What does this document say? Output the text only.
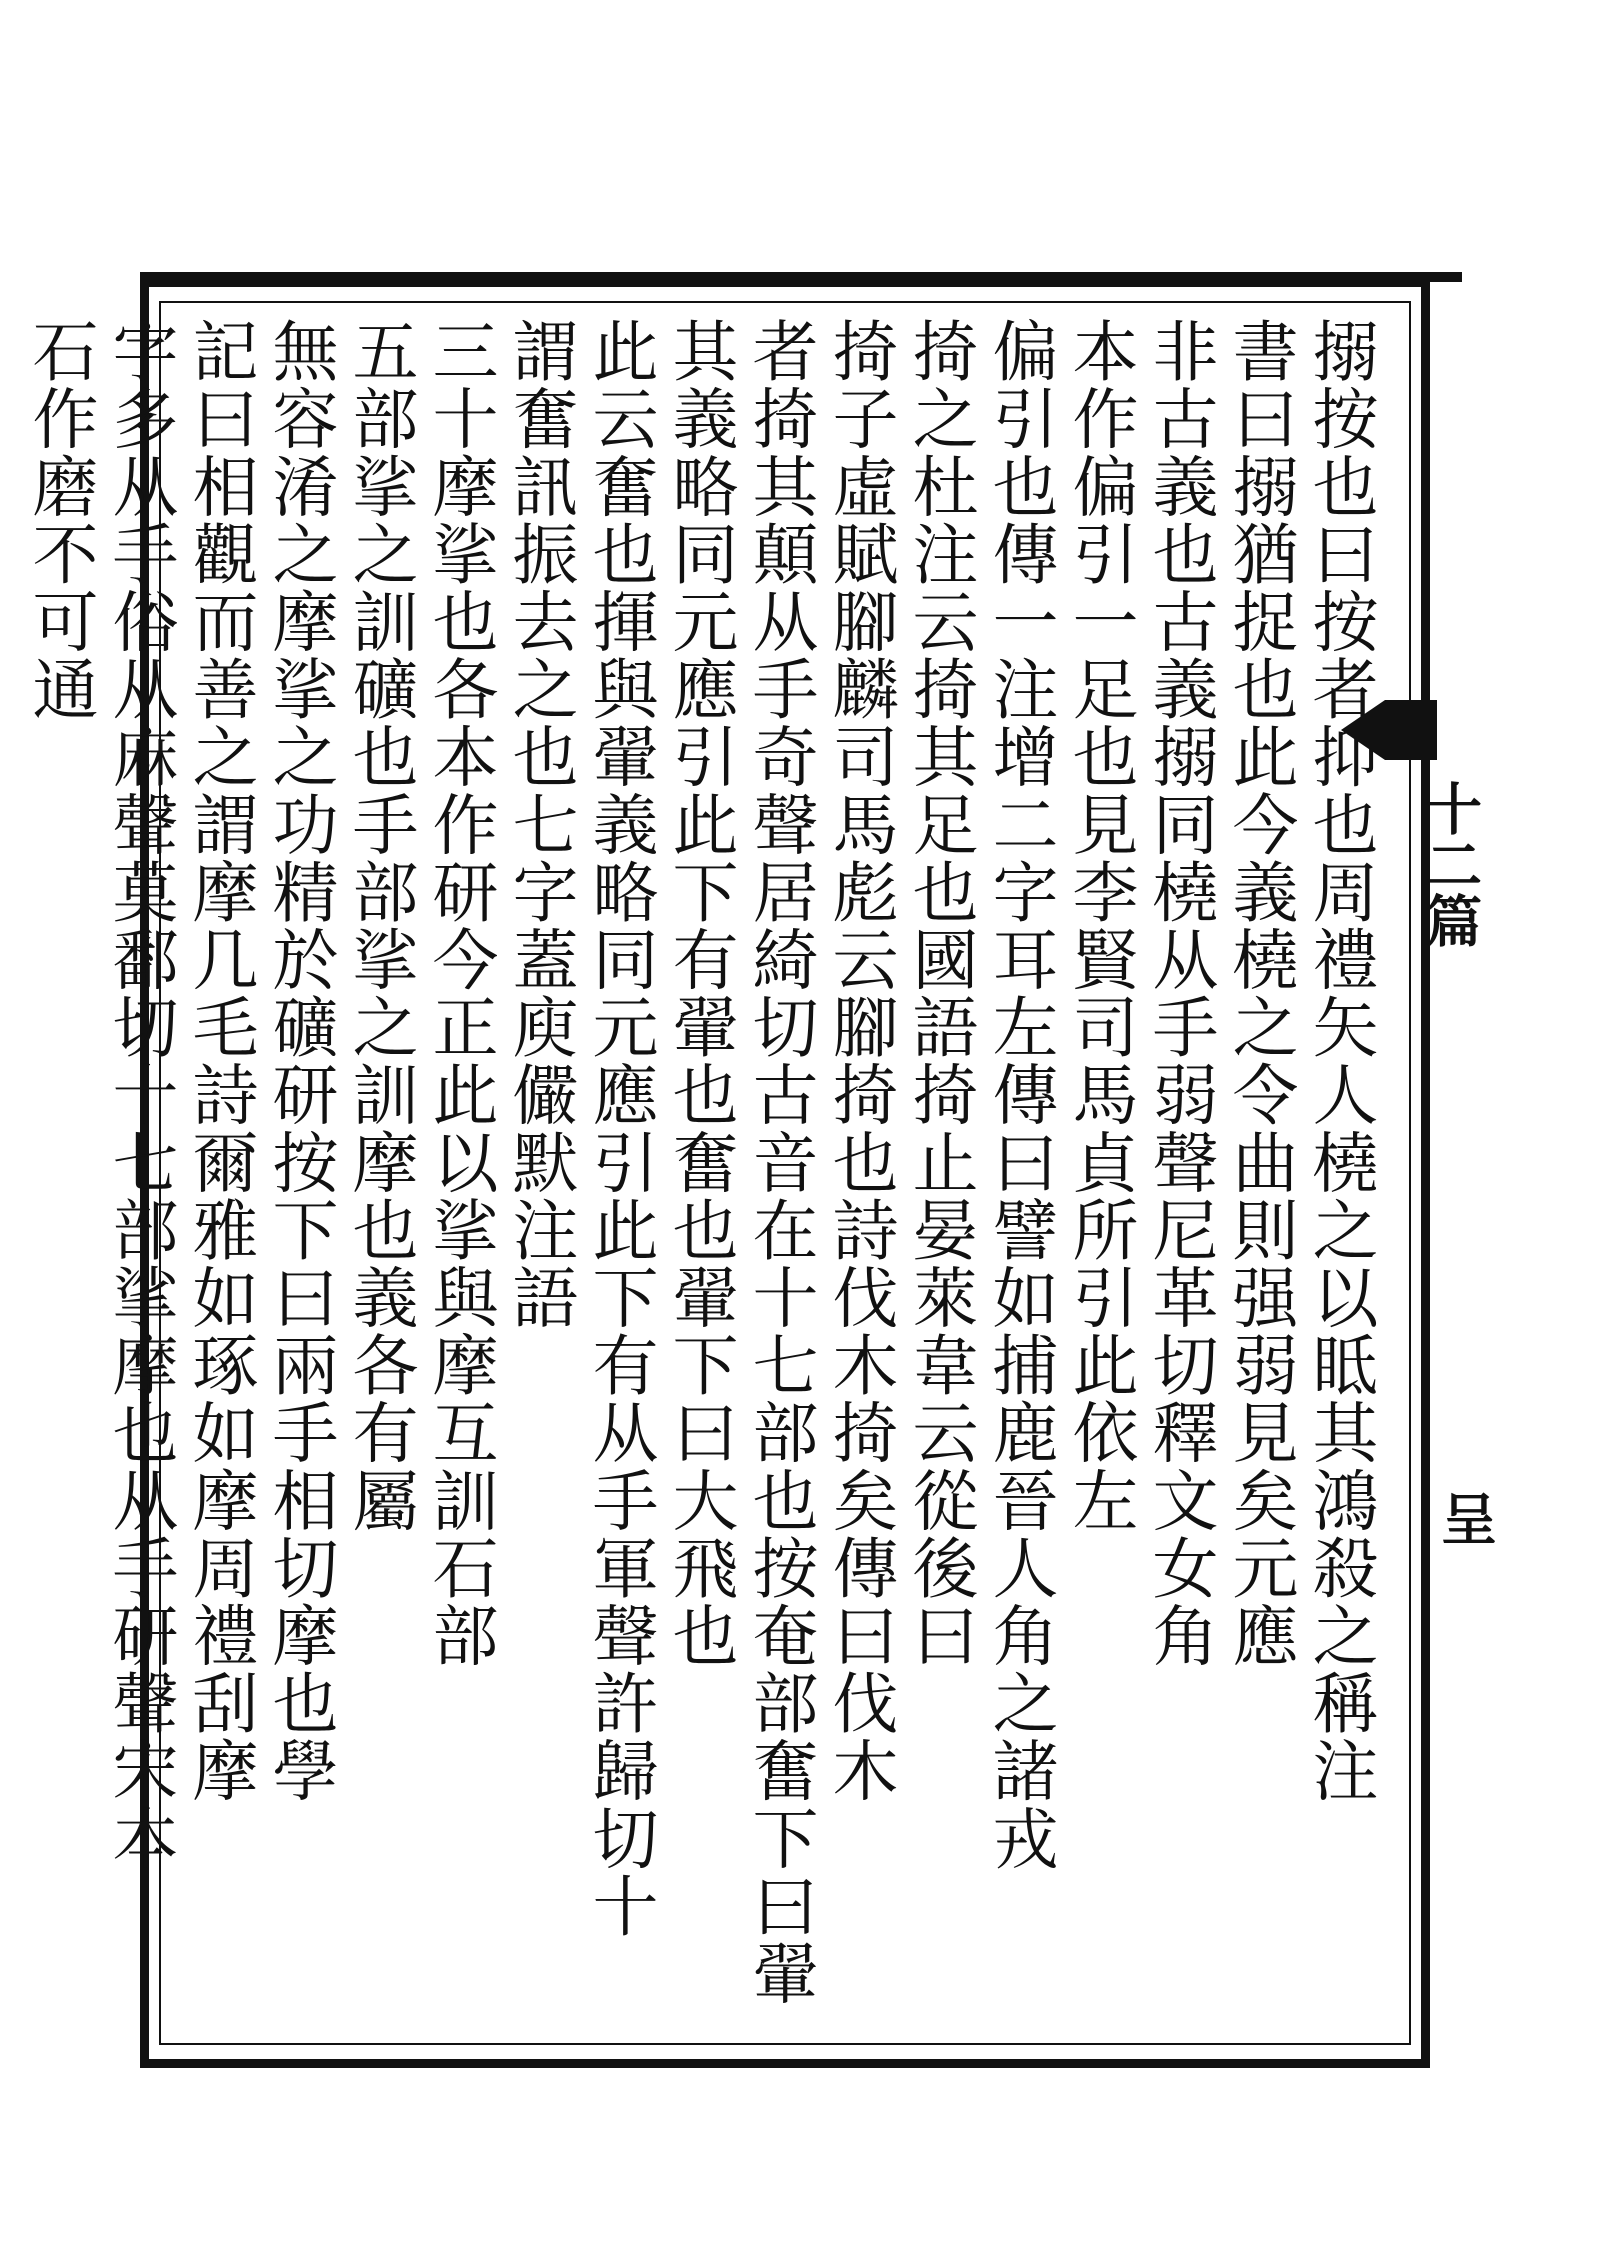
搦按也曰按者抑也周禮矢人橈之以眡其鴻殺之稱注
書曰搦猶捉也此今義橈之令曲則强弱見矣元應
非古義也古義搦同橈从手弱聲尼革切釋文女角
本作偏引一足也見李賢司馬貞所引此依左
偏引也傳一注增二字耳左傳曰譬如捕鹿晉人角之諸戎
掎之杜注云掎其足也國語掎止晏萊韋云從後曰
掎子虛賦腳麟司馬彪云腳掎也詩伐木掎矣傳曰伐木
者掎其顛从手奇聲居綺切古音在十七部也按奄部奮下曰翬
其義略同元應引此下有翬也奮也翬下曰大飛也
此云奮也揮與翬義略同元應引此下有从手軍聲許歸切十
謂奮訊振去之也七字蓋庾儼默注語
三十摩挲也各本作研今正此以挲與摩互訓石部
五部挲之訓礦也手部挲之訓摩也義各有屬
無容淆之摩挲之功精於礦研按下曰兩手相切摩也學
記曰相觀而善之謂摩几毛詩爾雅如琢如摩周禮刮摩
字多从手俗从麻聲莫鄱切十七部挲摩也从手研聲宋本
石作磨不可通
十二篇
呈
